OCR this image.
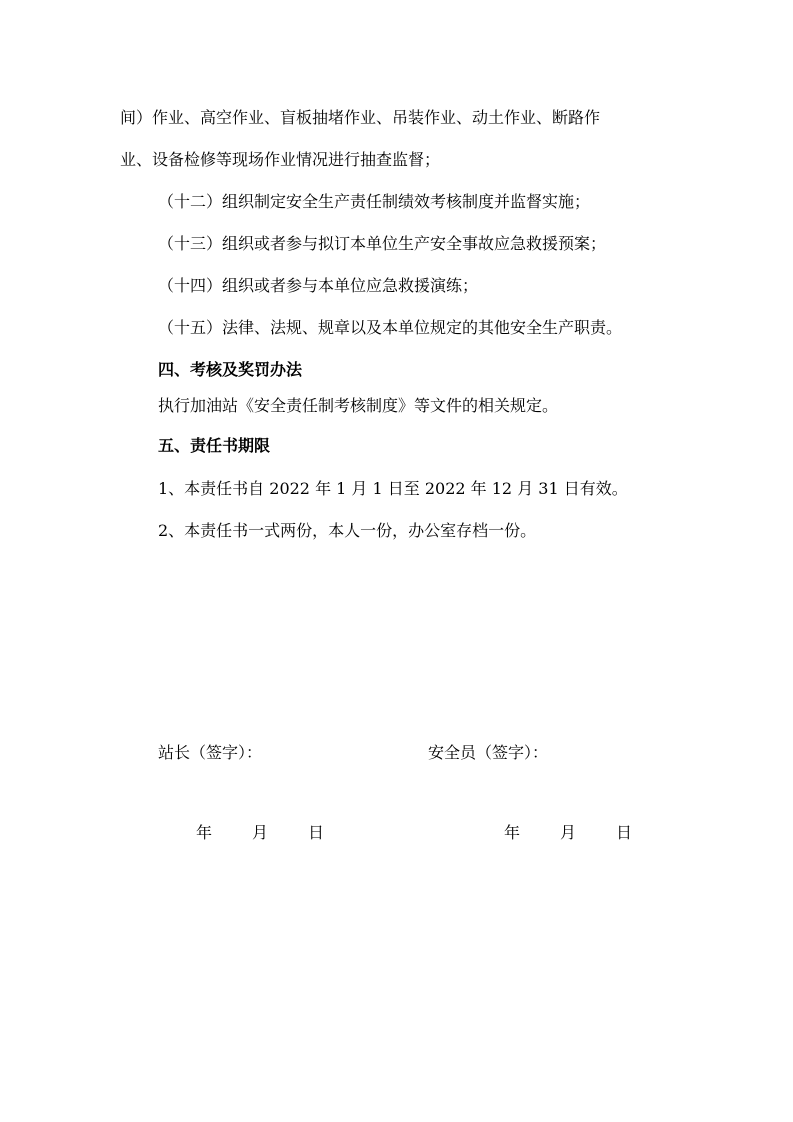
间）作业、高空作业、盲板抽堵作业、吊装作业、动土作业、断路作
业、设备检修等现场作业情况进行抽查监督；
（十二）组织制定安全生产责任制绩效考核制度并监督实施；
（十三）组织或者参与拟订本单位生产安全事故应急救援预案；
（十四）组织或者参与本单位应急救援演练；
（十五）法律、法规、规章以及本单位规定的其他安全生产职责。
四、考核及奖罚办法
执行加油站《安全责任制考核制度》等文件的相关规定。
五、责任书期限
1、本责任书自 2022 年 1 月 1 日至 2022 年 12 月 31 日有效。
2、本责任书一式两份，本人一份，办公室存档一份。
站长（签字）：	安全员（签字）：
年 月 日	年 月 日
